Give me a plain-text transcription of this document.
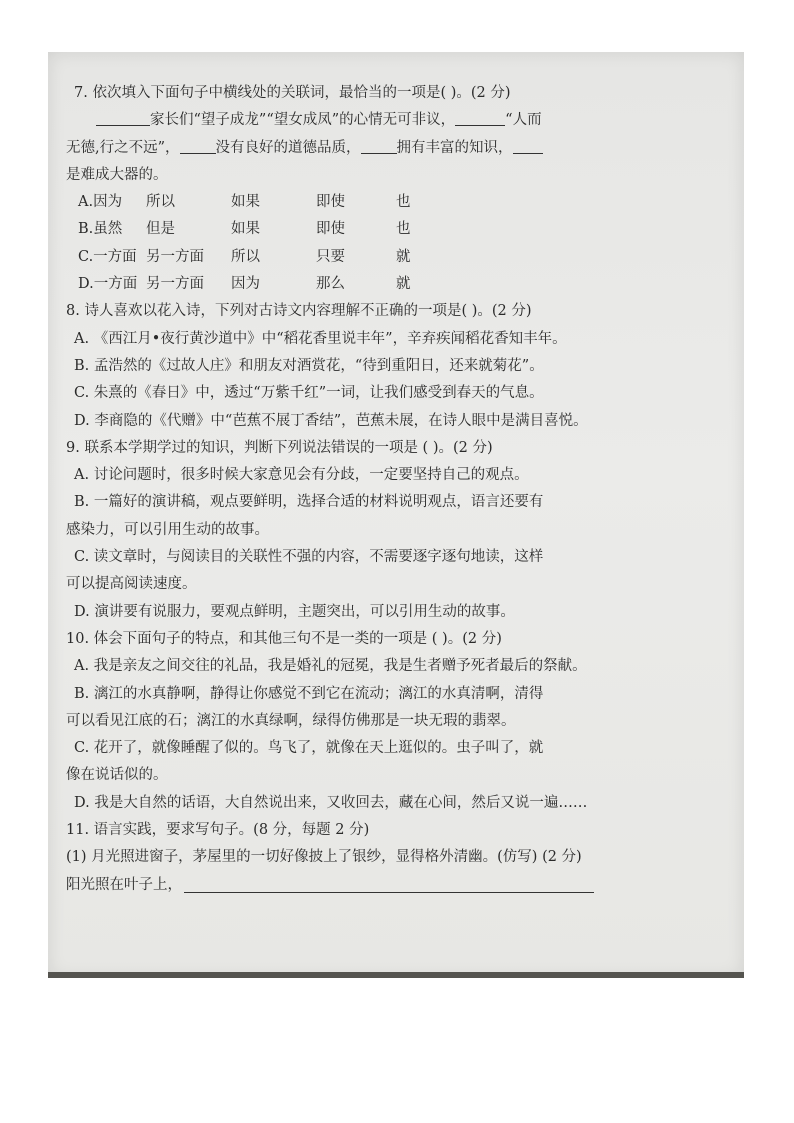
7. 依次填入下面句子中横线处的关联词，最恰当的一项是( )。(2 分)
家长们“望子成龙”“望女成凤”的心情无可非议，	“人而
无德,行之不远”， 没有良好的道德品质， 拥有丰富的知识，
是难成大器的。
A.因为	所以	如果	即使	也
B.虽然	但是	如果	即使	也
C.一方面 另一方面	所以	只要	就
D.一方面 另一方面	因为	那么	就
8. 诗人喜欢以花入诗，下列对古诗文内容理解不正确的一项是( )。(2 分)
A. 《西江月•夜行黄沙道中》中“稻花香里说丰年”，辛弃疾闻稻花香知丰年。
B. 孟浩然的《过故人庄》和朋友对酒赏花，“待到重阳日，还来就菊花”。
C. 朱熹的《春日》中，透过“万紫千红”一词，让我们感受到春天的气息。
D. 李商隐的《代赠》中“芭蕉不展丁香结”，芭蕉未展，在诗人眼中是满目喜悦。
9. 联系本学期学过的知识，判断下列说法错误的一项是 ( )。(2 分)
A. 讨论问题时，很多时候大家意见会有分歧，一定要坚持自己的观点。
B. 一篇好的演讲稿，观点要鲜明，选择合适的材料说明观点，语言还要有
感染力，可以引用生动的故事。
C. 读文章时，与阅读目的关联性不强的内容，不需要逐字逐句地读，这样
可以提高阅读速度。
D. 演讲要有说服力，要观点鲜明，主题突出，可以引用生动的故事。
10. 体会下面句子的特点，和其他三句不是一类的一项是 ( )。(2 分)
A. 我是亲友之间交往的礼品，我是婚礼的冠冕，我是生者赠予死者最后的祭献。
B. 漓江的水真静啊，静得让你感觉不到它在流动；漓江的水真清啊，清得
可以看见江底的石；漓江的水真绿啊，绿得仿佛那是一块无瑕的翡翠。
C. 花开了，就像睡醒了似的。鸟飞了，就像在天上逛似的。虫子叫了，就
像在说话似的。
D. 我是大自然的话语，大自然说出来，又收回去，藏在心间，然后又说一遍……
11. 语言实践，要求写句子。(8 分，每题 2 分)
(1) 月光照进窗子，茅屋里的一切好像披上了银纱，显得格外清幽。(仿写) (2 分)
阳光照在叶子上，
